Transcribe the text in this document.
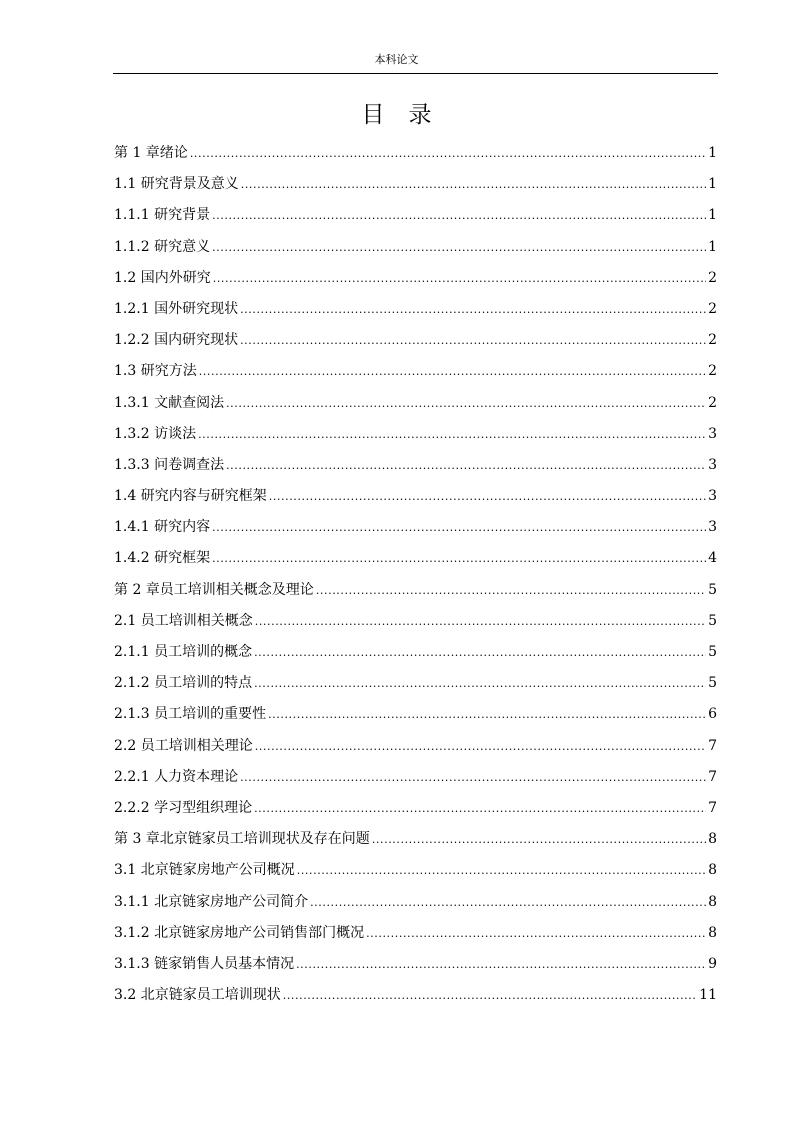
本科论文
目录
第 1 章绪论 .....	1
1.1 研究背景及意义 .....	1
1.1.1 研究背景 .....	1
1.1.2 研究意义 .....	1
1.2 国内外研究 .....	2
1.2.1 国外研究现状 .....	2
1.2.2 国内研究现状 .....	2
1.3 研究方法 .....	2
1.3.1 文献查阅法 .....	2
1.3.2 访谈法 .....	3
1.3.3 问卷调查法 .....	3
1.4 研究内容与研究框架 .....	3
1.4.1 研究内容 .....	3
1.4.2 研究框架 .....	4
第 2 章员工培训相关概念及理论 .....	5
2.1 员工培训相关概念 .....	5
2.1.1 员工培训的概念 .....	5
2.1.2 员工培训的特点 .....	5
2.1.3 员工培训的重要性 .....	6
2.2 员工培训相关理论 .....	7
2.2.1 人力资本理论 .....	7
2.2.2 学习型组织理论 .....	7
第 3 章北京链家员工培训现状及存在问题 .....	8
3.1 北京链家房地产公司概况 .....	8
3.1.1 北京链家房地产公司简介 .....	8
3.1.2 北京链家房地产公司销售部门概况 .....	8
3.1.3 链家销售人员基本情况 .....	9
3.2 北京链家员工培训现状 .....	11
